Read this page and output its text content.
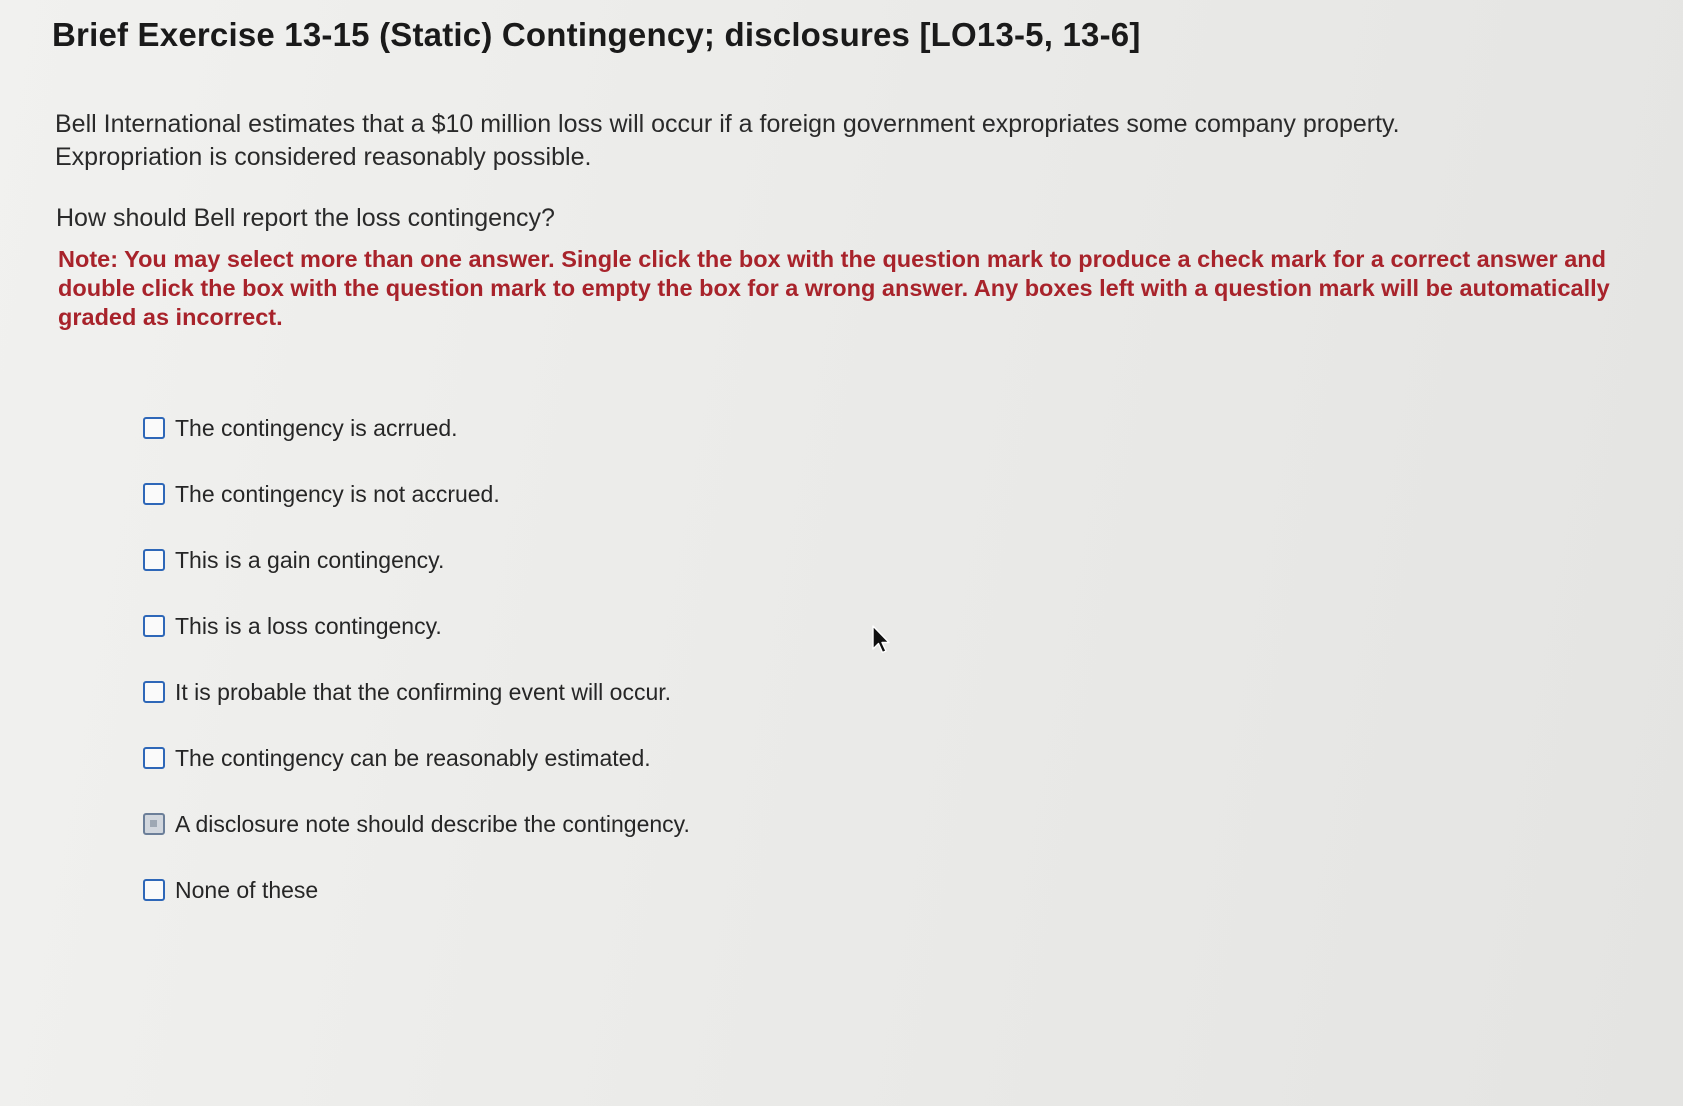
Brief Exercise 13-15 (Static) Contingency; disclosures [LO13-5, 13-6]
Bell International estimates that a $10 million loss will occur if a foreign government expropriates some company property. Expropriation is considered reasonably possible.
How should Bell report the loss contingency?
Note: You may select more than one answer. Single click the box with the question mark to produce a check mark for a correct answer and double click the box with the question mark to empty the box for a wrong answer. Any boxes left with a question mark will be automatically graded as incorrect.
The contingency is acrrued.
The contingency is not accrued.
This is a gain contingency.
This is a loss contingency.
It is probable that the confirming event will occur.
The contingency can be reasonably estimated.
A disclosure note should describe the contingency.
None of these
